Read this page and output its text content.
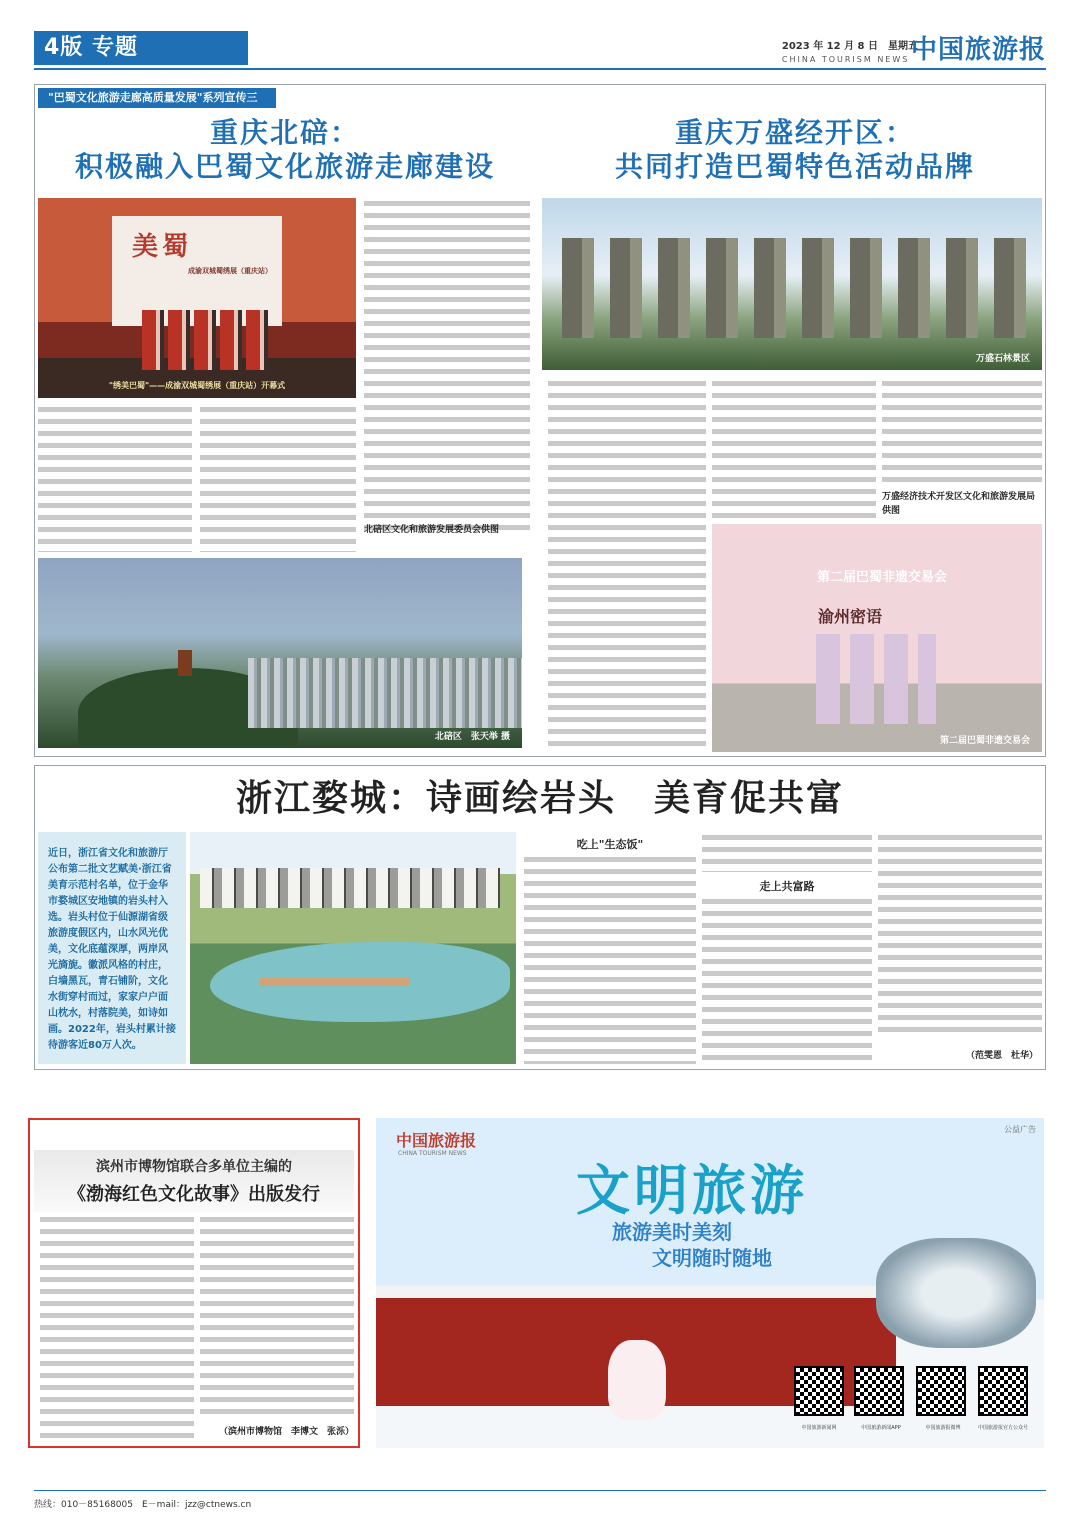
4版 专题	2023 年 12 月 8 日　星期五
CHINA TOURISM NEWS 中国旅游报
"巴蜀文化旅游走廊高质量发展"系列宣传三
重庆北碚：
积极融入巴蜀文化旅游走廊建设
美蜀
成渝双城蜀绣展（重庆站）
"绣美巴蜀"——成渝双城蜀绣展（重庆站）开幕式
北碚区文化和旅游发展委员会供图
北碚区　张天举 摄
重庆万盛经开区：
共同打造巴蜀特色活动品牌
万盛石林景区
万盛经济技术开发区文化和旅游发展局供图
第二届巴蜀非遗交易会
渝州密语
第二届巴蜀非遗交易会
浙江婺城：诗画绘岩头　美育促共富
近日，浙江省文化和旅游厅公布第二批文艺赋美·浙江省美育示范村名单，位于金华市婺城区安地镇的岩头村入选。岩头村位于仙源湖省级旅游度假区内，山水风光优美，文化底蕴深厚，两岸风光旖旎。徽派风格的村庄，白墙黑瓦，青石铺阶，文化水街穿村而过，家家户户面山枕水，村落院美，如诗如画。2022年，岩头村累计接待游客近80万人次。
吃上"生态饭"
走上共富路
（范雯恩　杜华）
滨州市博物馆联合多单位主编的
《渤海红色文化故事》出版发行
（滨州市博物馆　李博文　张泺）
公益广告
中国旅游报
CHINA TOURISM NEWS
文明旅游
旅游美时美刻
文明随时随地
中国旅游新闻网	中国旅游新闻APP	中国旅游报微博	中国旅游报官方公众号
热线：010－85168005　E－mail：jzz@ctnews.cn
